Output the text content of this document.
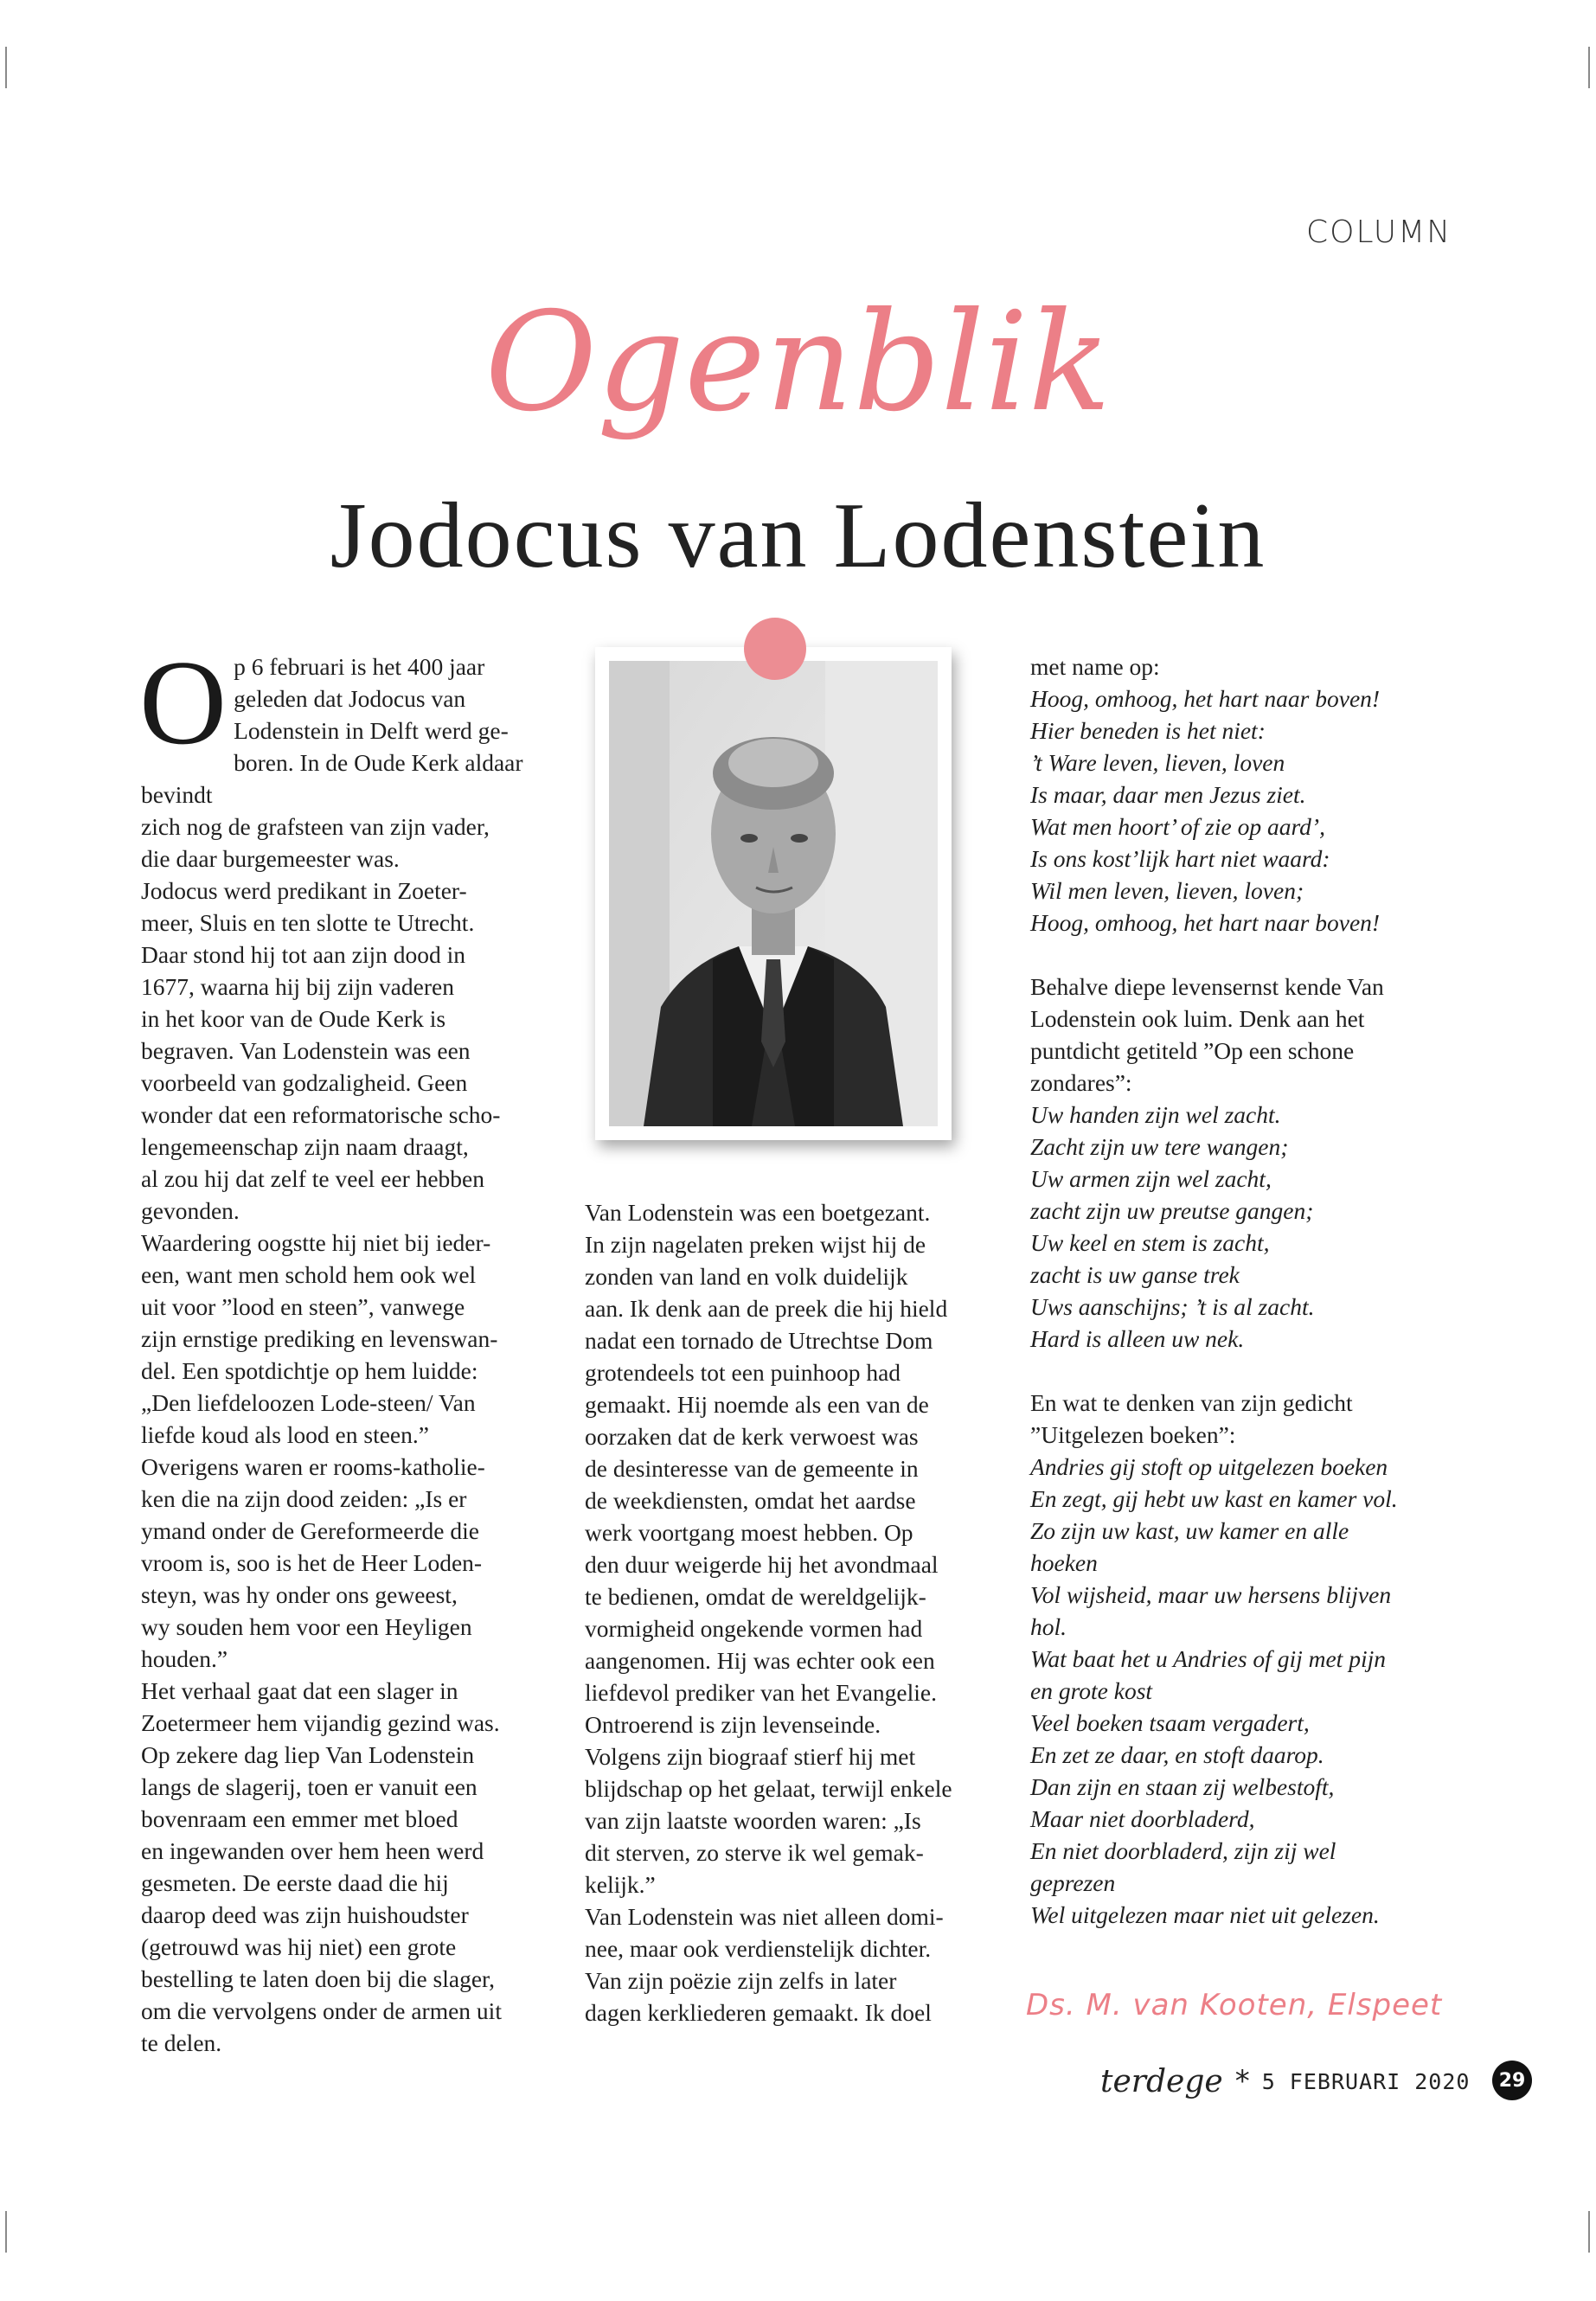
COLUMN
Ogenblik
Jodocus van Lodenstein
O p 6 februari is het 400 jaar

geleden dat Jodocus van

Lodenstein in Delft werd ge-

boren. In de Oude Kerk aldaar bevindt

zich nog de grafsteen van zijn vader,

die daar burgemeester was.

Jodocus werd predikant in Zoeter-

meer, Sluis en ten slotte te Utrecht.

Daar stond hij tot aan zijn dood in

1677, waarna hij bij zijn vaderen

in het koor van de Oude Kerk is

begraven. Van Lodenstein was een

voorbeeld van godzaligheid. Geen

wonder dat een reformatorische scho-

lengemeenschap zijn naam draagt,

al zou hij dat zelf te veel eer hebben

gevonden.

Waardering oogstte hij niet bij ieder-

een, want men schold hem ook wel

uit voor ”lood en steen”, vanwege

zijn ernstige prediking en levenswan-

del. Een spotdichtje op hem luidde:

„Den liefdeloozen Lode-steen/ Van

liefde koud als lood en steen.”

Overigens waren er rooms-katholie-

ken die na zijn dood zeiden: „Is er

ymand onder de Gereformeerde die

vroom is, soo is het de Heer Loden-

steyn, was hy onder ons geweest,

wy souden hem voor een Heyligen

houden.”

Het verhaal gaat dat een slager in

Zoetermeer hem vijandig gezind was.

Op zekere dag liep Van Lodenstein

langs de slagerij, toen er vanuit een

bovenraam een emmer met bloed

en ingewanden over hem heen werd

gesmeten. De eerste daad die hij

daarop deed was zijn huishoudster

(getrouwd was hij niet) een grote

bestelling te laten doen bij die slager,

om die vervolgens onder de armen uit

te delen.

Van Lodenstein was een boetgezant.

In zijn nagelaten preken wijst hij de

zonden van land en volk duidelijk

aan. Ik denk aan de preek die hij hield

nadat een tornado de Utrechtse Dom

grotendeels tot een puinhoop had

gemaakt. Hij noemde als een van de

oorzaken dat de kerk verwoest was

de desinteresse van de gemeente in

de weekdiensten, omdat het aardse

werk voortgang moest hebben. Op

den duur weigerde hij het avondmaal

te bedienen, omdat de wereldgelijk-

vormigheid ongekende vormen had

aangenomen. Hij was echter ook een

liefdevol prediker van het Evangelie.

Ontroerend is zijn levenseinde.

Volgens zijn biograaf stierf hij met

blijdschap op het gelaat, terwijl enkele

van zijn laatste woorden waren: „Is

dit sterven, zo sterve ik wel gemak-

kelijk.”

Van Lodenstein was niet alleen domi-

nee, maar ook verdienstelijk dichter.

Van zijn poëzie zijn zelfs in later

dagen kerkliederen gemaakt. Ik doel

met name op:

Hoog, omhoog, het hart naar boven!

Hier beneden is het niet:

’t Ware leven, lieven, loven

Is maar, daar men Jezus ziet.

Wat men hoort’ of zie op aard’,

Is ons kost’lijk hart niet waard:

Wil men leven, lieven, loven;

Hoog, omhoog, het hart naar boven!

Behalve diepe levensernst kende Van

Lodenstein ook luim. Denk aan het

puntdicht getiteld ”Op een schone

zondares”:

Uw handen zijn wel zacht.

Zacht zijn uw tere wangen;

Uw armen zijn wel zacht,

zacht zijn uw preutse gangen;

Uw keel en stem is zacht,

zacht is uw ganse trek

Uws aanschijns; ’t is al zacht.

Hard is alleen uw nek.

En wat te denken van zijn gedicht

”Uitgelezen boeken”:

Andries gij stoft op uitgelezen boeken

En zegt, gij hebt uw kast en kamer vol.

Zo zijn uw kast, uw kamer en alle

hoeken

Vol wijsheid, maar uw hersens blijven

hol.

Wat baat het u Andries of gij met pijn

en grote kost

Veel boeken tsaam vergadert,

En zet ze daar, en stoft daarop.

Dan zijn en staan zij welbestoft,

Maar niet doorbladerd,

En niet doorbladerd, zijn zij wel

geprezen

Wel uitgelezen maar niet uit gelezen.

Ds. M. van Kooten, Elspeet
terdege * 5 FEBRUARI 2020	29
